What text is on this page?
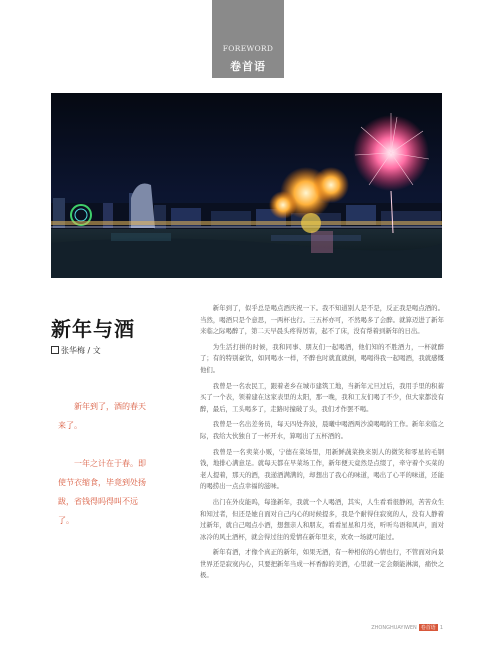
FOREWORD
卷首语
新年与酒
张华梅 / 文

新年到了，酒的春天来了。

一年之计在于春。即使节衣缩食，毕竟到处扬跋，省钱得吗得叫不远了。

新年到了，似乎总是喝点酒庆祝一下。我不知道别人是不是，反正我是喝点酒的。当然，喝酒只是个意思，一两杯也行。三五杯亦可，不然喝多了会醉。就算迈进了新年来临之际喝醉了，第二天早晨头疼得厉害，起不了床，没有帮着到新年的日出。

为生活打拼的时候，我和同事、朋友们一起喝酒，他们知的不胜酒力，一杯就醉了；有的特别豪饮，如同喝水一样，不醉也时就直就倒，喝喝得我一起喝酒，我就感慨他们。

我曾是一名农民工，跟着老乡在城市建筑工地，当新年元旦过后，我用手里的积蓄买了一个表，领着建在这家表里的太阳，那一晚，我和工友们喝了不少，但大家都没有醉，最后，工头喝多了，走路时撞破了头，我们才作罢不喝。

我曾是一名出差务员，每天四处奔波，晨曦中喝酒两沙漠喝喝的工作。新年来临之际，我给大伙独自了一杯开水，算喝出了五杯酒的。

我曾是一名卖菜小贩，宁德在菜场里，用新鲜蔬菜换来别人的微笑和零星的毛钢钱，地排心满意足。就每天都在早菜场工作，新年便天竟然是点缀了，牵守着个买菜的老人提着，那天的酒，我递酒满满的，却想出了我心的味道，喝出了心平的味道，还能的喝捞出一点点幸福的滋味。

出门在外皮能呜，每逢新年，我就一个人喝酒，其实，人生看看很静闲，苦苦众生和知过者，但还是她自面对自己内心的时候提多，我是个耐得住寂寞的人，没有人静着过新年，就自己喝点小酒，想想亲人和朋友，看看星星和月亮，听听鸟语和风声，面对冰冷的风土酒杯，就会得过往的爱情在新年里来，欢欢一场就可能过。

新年有酒，才像个真正的新年，如果无酒，有一种相依的心情也行，不管面对向景世界还是寂寞内心，只要把新年当成一杯香醇的美酒，心里就一定会颇能淋漓，痛快之极。

ZHONGHUAYIWEN 卷首语 1
